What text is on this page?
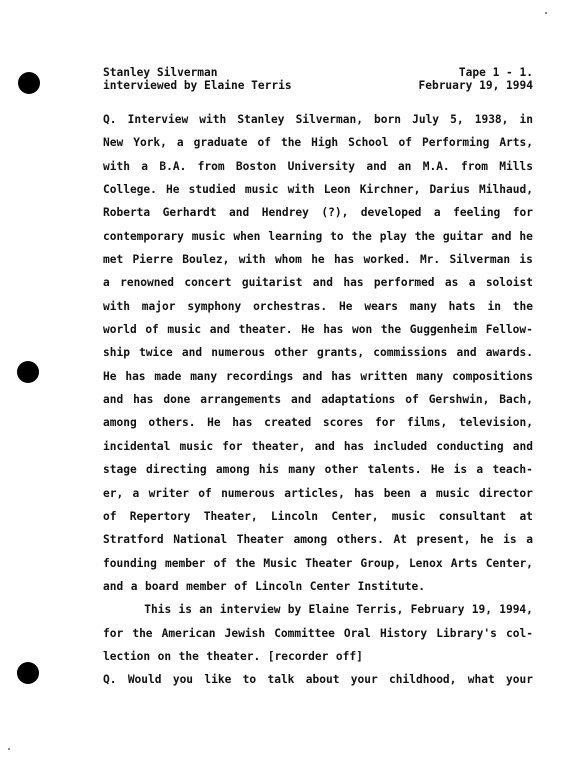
Stanley Silverman	Tape 1 - 1.
interviewed by Elaine Terris	February 19, 1994
Q. Interview with Stanley Silverman, born July 5, 1938, in
New York, a graduate of the High School of Performing Arts,
with a B.A. from Boston University and an M.A. from Mills
College. He studied music with Leon Kirchner, Darius Milhaud,
Roberta Gerhardt and Hendrey (?), developed a feeling for
contemporary music when learning to the play the guitar and he
met Pierre Boulez, with whom he has worked. Mr. Silverman is
a renowned concert guitarist and has performed as a soloist
with major symphony orchestras. He wears many hats in the
world of music and theater. He has won the Guggenheim Fellow-
ship twice and numerous other grants, commissions and awards.
He has made many recordings and has written many compositions
and has done arrangements and adaptations of Gershwin, Bach,
among others. He has created scores for films, television,
incidental music for theater, and has included conducting and
stage directing among his many other talents. He is a teach-
er, a writer of numerous articles, has been a music director
of Repertory Theater, Lincoln Center, music consultant at
Stratford National Theater among others. At present, he is a
founding member of the Music Theater Group, Lenox Arts Center,
and a board member of Lincoln Center Institute.
This is an interview by Elaine Terris, February 19, 1994,
for the American Jewish Committee Oral History Library's col-
lection on the theater. [recorder off]
Q. Would you like to talk about your childhood, what your
